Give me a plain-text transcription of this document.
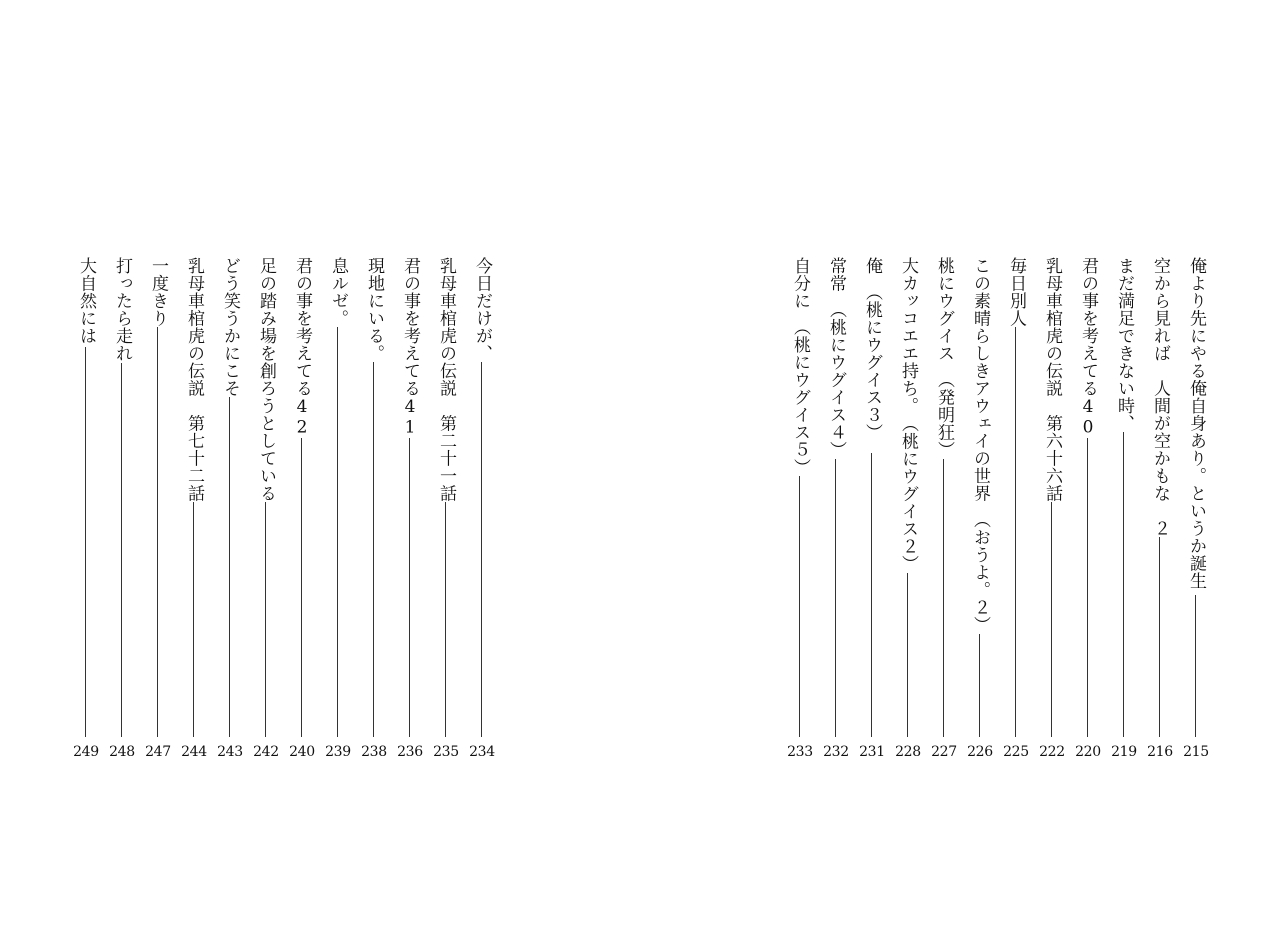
俺より先にやる俺自身あり。というか誕生
215
空から見れば　人間が空かもな　２
216
まだ満足できない時、
219
君の事を考えてる40
220
乳母車棺虎の伝説　第六十六話
222
毎日別人
225
この素晴らしきアウェイの世界　（おうよ。２）
226
桃にウグイス　（発明狂）
227
大カッコエエ持ち。　（桃にウグイス２）
228
俺　（桃にウグイス３）
231
常常　（桃にウグイス４）
232
自分に　（桃にウグイス５）
233
今日だけが、
234
乳母車棺虎の伝説　第二十一話
235
君の事を考えてる41
236
現地にいる。
238
息ルゼ。
239
君の事を考えてる42
240
足の踏み場を創ろうとしている
242
どう笑うかにこそ
243
乳母車棺虎の伝説　第七十二話
244
一度きり
247
打ったら走れ
248
大自然には
249
